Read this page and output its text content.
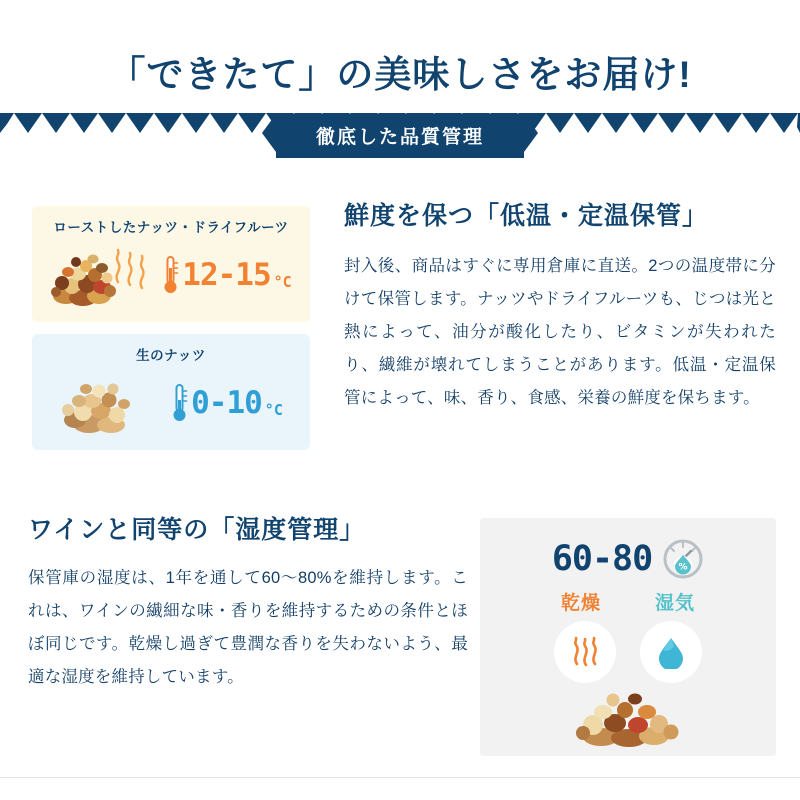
「できたて」の美味しさをお届け!
徹底した品質管理
ローストしたナッツ・ドライフルーツ
12-15 °C
生のナッツ
0-10 °C
鮮度を保つ「低温・定温保管」

封入後、商品はすぐに専用倉庫に直送。2つの温度帯に分けて保管します。ナッツやドライフルーツも、じつは光と熱によって、油分が酸化したり、ビタミンが失われたり、繊維が壊れてしまうことがあります。低温・定温保管によって、味、香り、食感、栄養の鮮度を保ちます。

ワインと同等の「湿度管理」

保管庫の湿度は、1年を通して60〜80%を維持します。これは、ワインの繊細な味・香りを維持するための条件とほぼ同じです。乾燥し過ぎて豊潤な香りを失わないよう、最適な湿度を維持しています。

60-80	%
乾燥	湿気
